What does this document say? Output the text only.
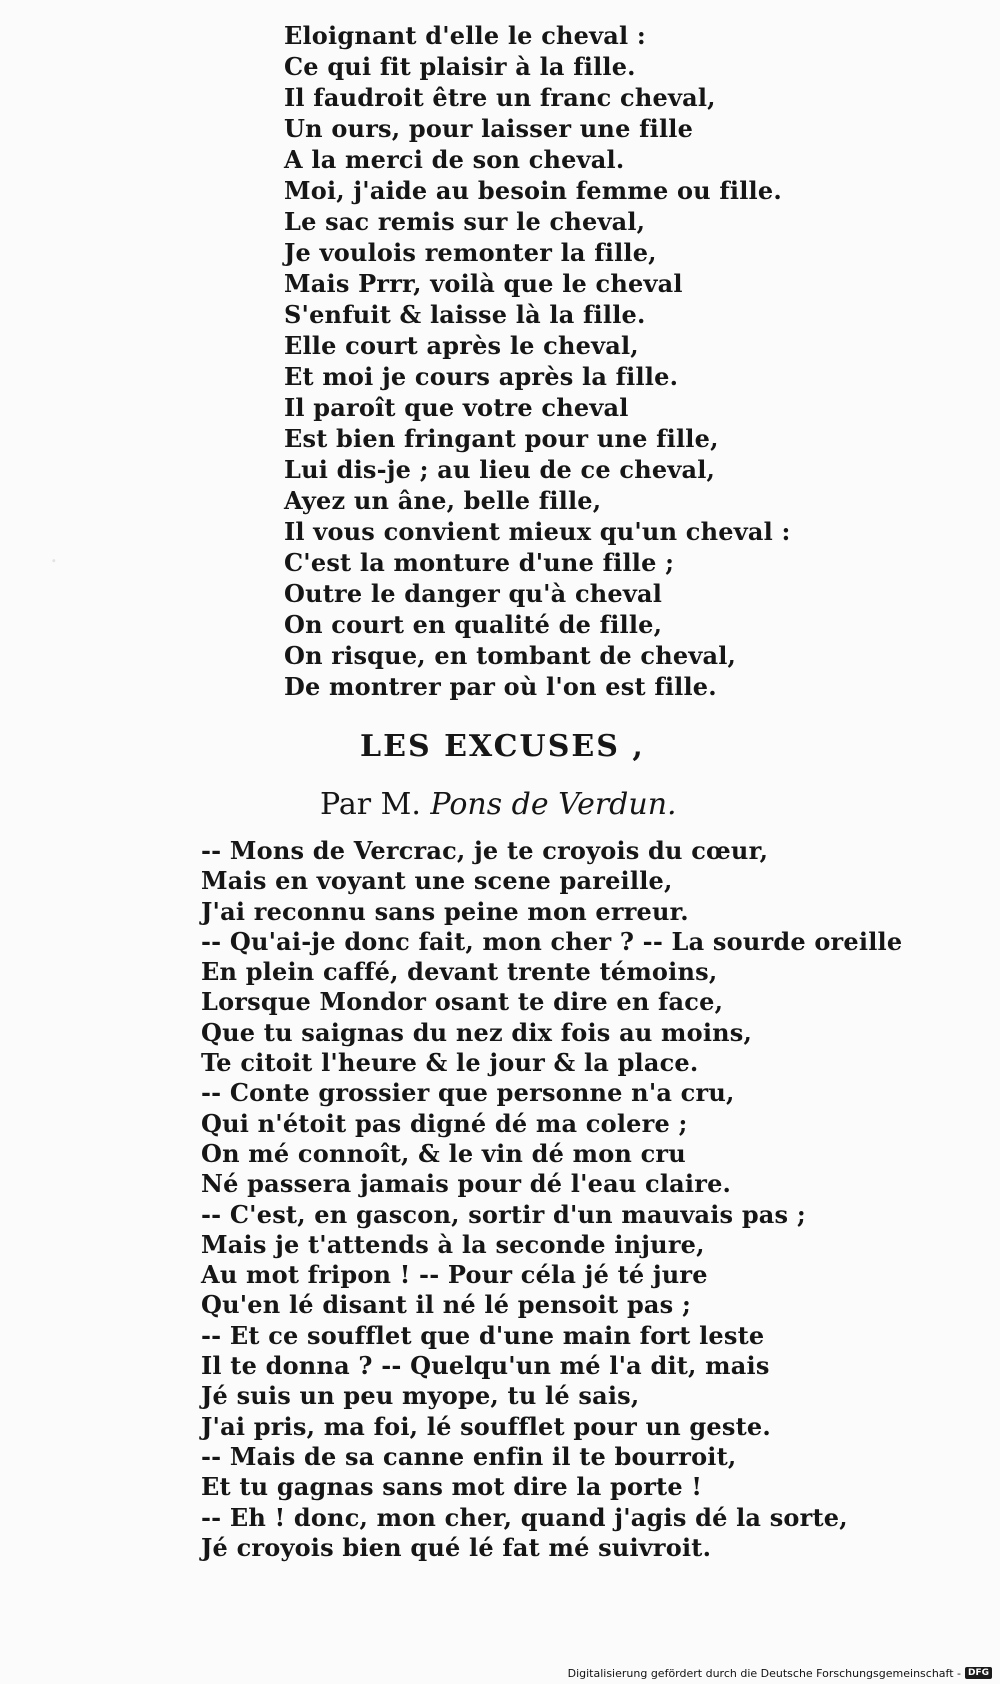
.
Eloignant d'elle le cheval :
Ce qui fit plaisir à la fille.
Il faudroit être un franc cheval,
Un ours, pour laisser une fille
A la merci de son cheval.
Moi, j'aide au besoin femme ou fille.
Le sac remis sur le cheval,
Je voulois remonter la fille,
Mais Prrr, voilà que le cheval
S'enfuit & laisse là la fille.
Elle court après le cheval,
Et moi je cours après la fille.
Il paroît que votre cheval
Est bien fringant pour une fille,
Lui dis-je ; au lieu de ce cheval,
Ayez un âne, belle fille,
Il vous convient mieux qu'un cheval :
C'est la monture d'une fille ;
Outre le danger qu'à cheval
On court en qualité de fille,
On risque, en tombant de cheval,
De montrer par où l'on est fille.
LES EXCUSES ,
Par M. Pons de Verdun.
-- Mons de Vercrac, je te croyois du cœur,
Mais en voyant une scene pareille,
J'ai reconnu sans peine mon erreur.
-- Qu'ai-je donc fait, mon cher ? -- La sourde oreille
En plein caffé, devant trente témoins,
Lorsque Mondor osant te dire en face,
Que tu saignas du nez dix fois au moins,
Te citoit l'heure & le jour & la place.
-- Conte grossier que personne n'a cru,
Qui n'étoit pas digné dé ma colere ;
On mé connoît, & le vin dé mon cru
Né passera jamais pour dé l'eau claire.
-- C'est, en gascon, sortir d'un mauvais pas ;
Mais je t'attends à la seconde injure,
Au mot fripon ! -- Pour céla jé té jure
Qu'en lé disant il né lé pensoit pas ;
-- Et ce soufflet que d'une main fort leste
Il te donna ? -- Quelqu'un mé l'a dit, mais
Jé suis un peu myope, tu lé sais,
J'ai pris, ma foi, lé soufflet pour un geste.
-- Mais de sa canne enfin il te bourroit,
Et tu gagnas sans mot dire la porte !
-- Eh ! donc, mon cher, quand j'agis dé la sorte,
Jé croyois bien qué lé fat mé suivroit.
Digitalisierung gefördert durch die Deutsche Forschungsgemeinschaft - DFG
